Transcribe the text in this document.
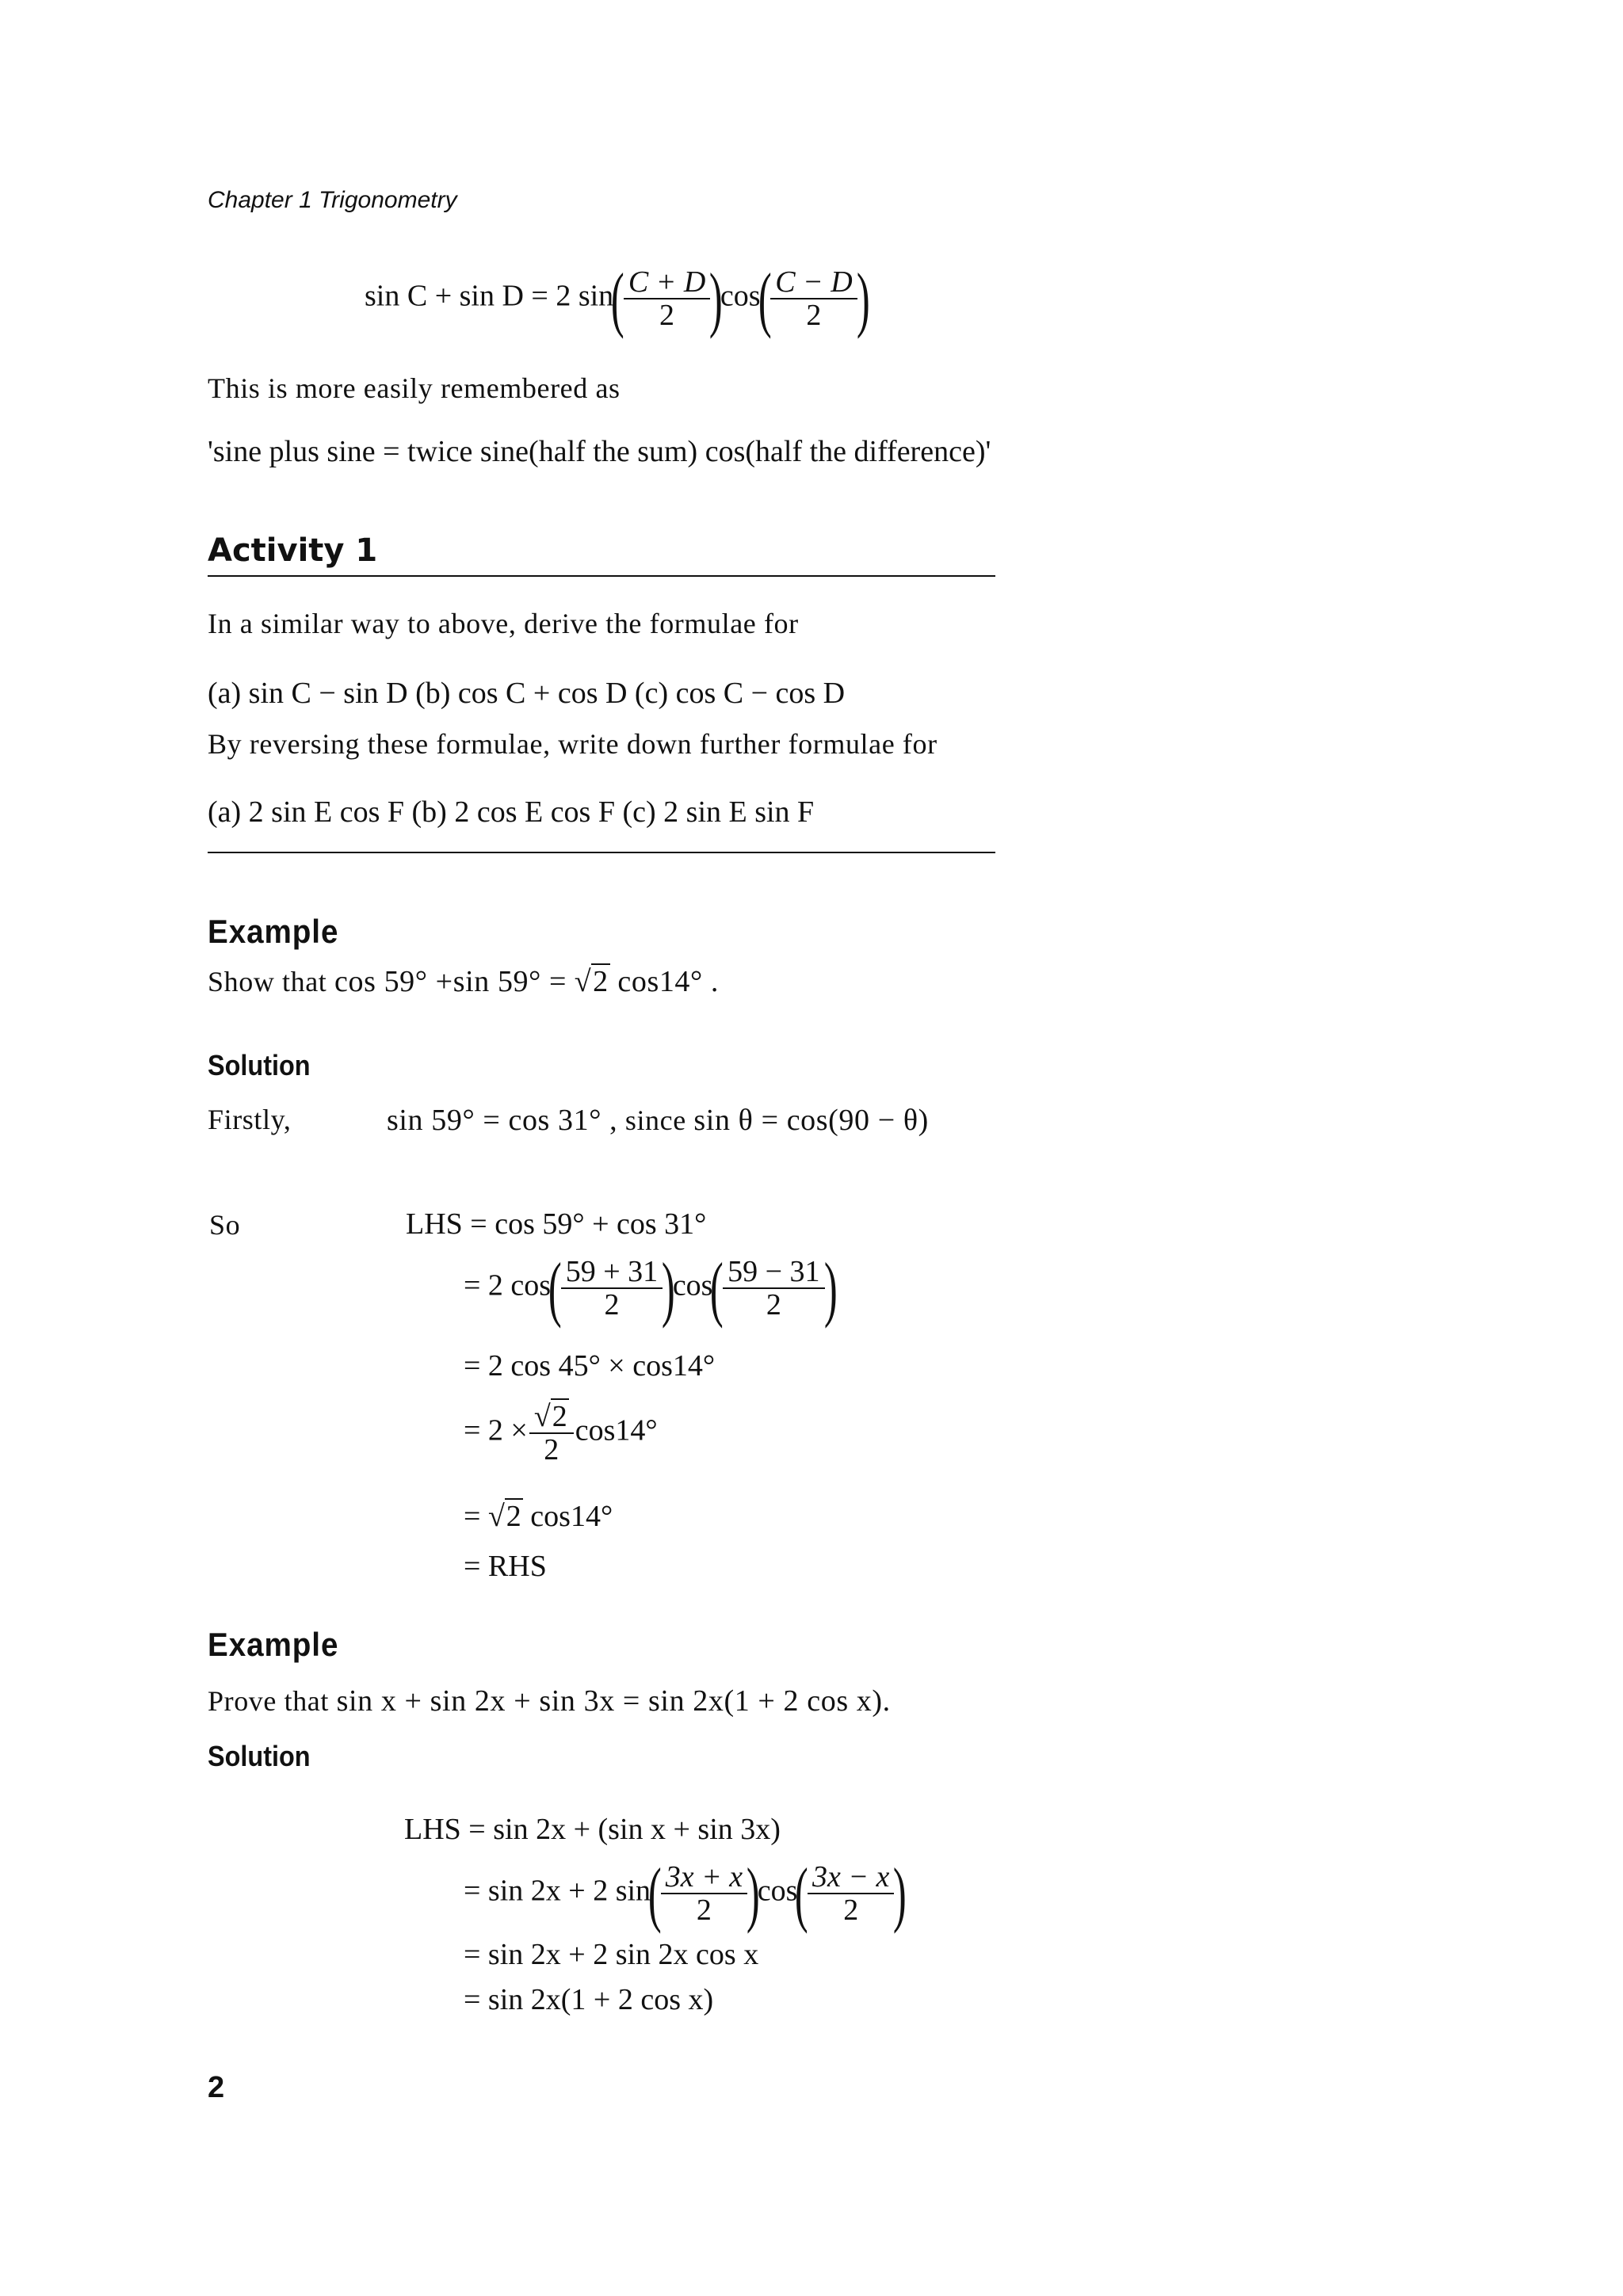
Chapter 1 Trigonometry
sin C + sin D = 2 sin(
$\frac{C + D}{2}$
)cos(
$\frac{C - D}{2}$
)
This is more easily remembered as
'sine plus sine = twice sine(half the sum) cos(half the difference)'
Activity 1
In a similar way to above, derive the formulae for
(a) sin C − sin D (b) cos C + cos D (c) cos C − cos D
By reversing these formulae, write down further formulae for
(a) 2 sin E cos F (b) 2 cos E cos F (c) 2 sin E sin F
Example
Show that cos 59° +sin 59° = √2 cos14° .
Solution
Firstly,	sin 59° = cos 31° , since sin θ = cos(90 − θ)
So	LHS = cos 59° + cos 31°
= 2 cos(
$\frac{59 + 31}{2}$
)cos(
$\frac{59 - 31}{2}$
)
= 2 cos 45° × cos14°
= $2 \times \frac{√2}{2} \cos 14^\circ$
= √2 cos14°
= RHS
Example
Prove that sin x + sin 2x + sin 3x = sin 2x(1 + 2 cos x).
Solution
LHS = sin 2x + (sin x + sin 3x)
= sin 2x + 2 sin(
$\frac{3x + x}{2}$
)cos(
$\frac{3x - x}{2}$
)
= sin 2x + 2 sin 2x cos x
= sin 2x(1 + 2 cos x)
2
